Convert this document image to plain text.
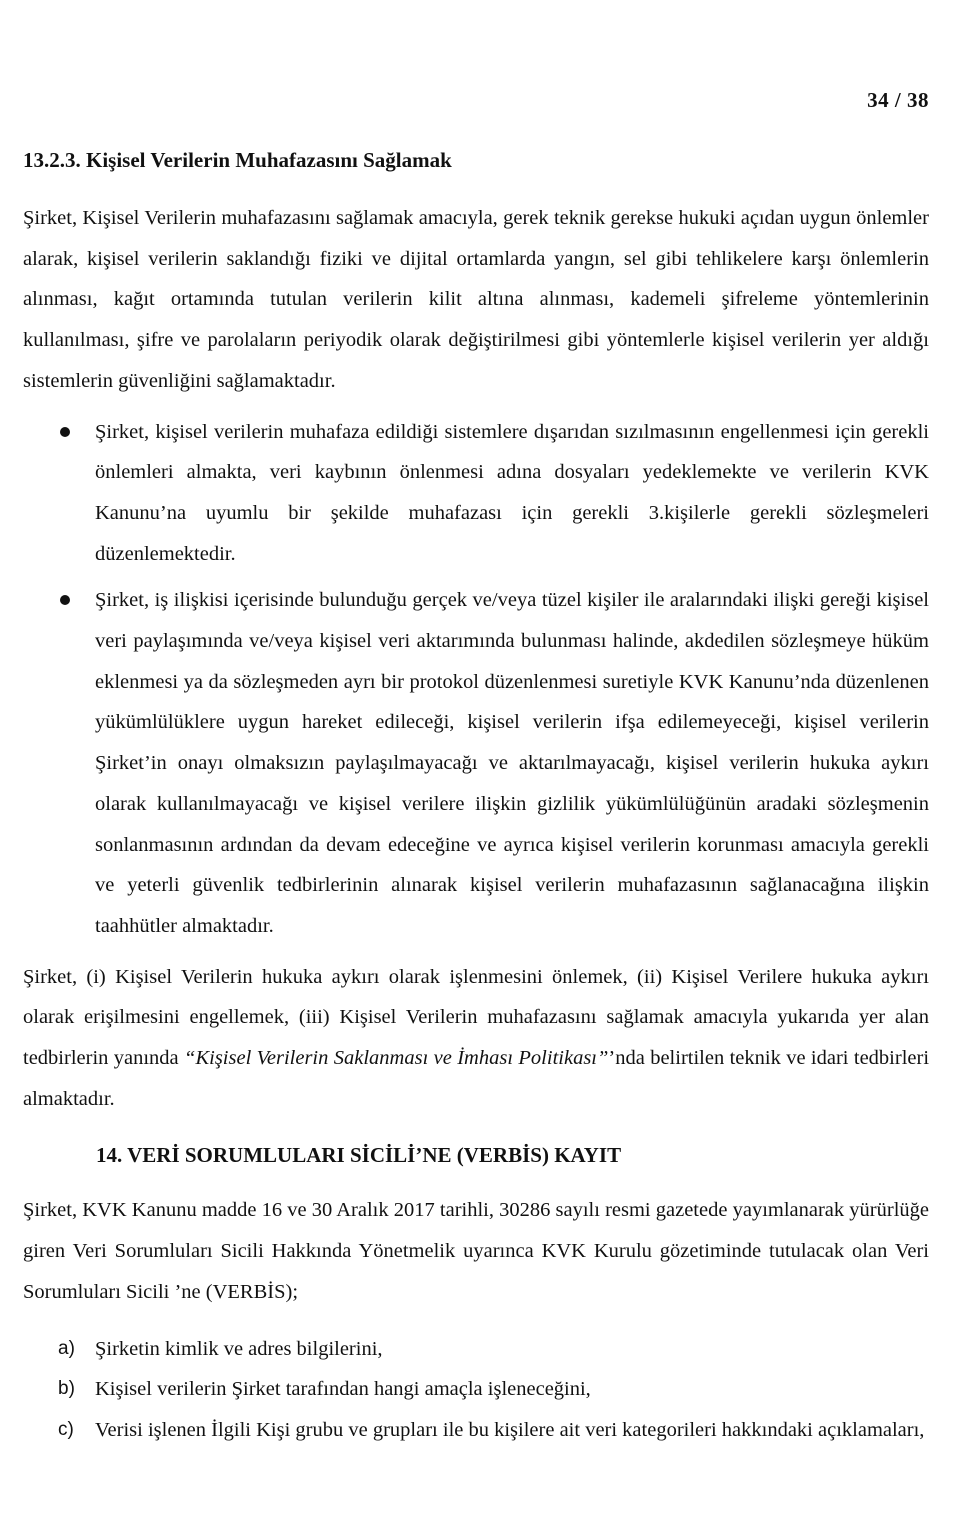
34 / 38
13.2.3. Kişisel Verilerin Muhafazasını Sağlamak

Şirket, Kişisel Verilerin muhafazasını sağlamak amacıyla, gerek teknik gerekse hukuki açıdan uygun önlemler alarak, kişisel verilerin saklandığı fiziki ve dijital ortamlarda yangın, sel gibi tehlikelere karşı önlemlerin alınması, kağıt ortamında tutulan verilerin kilit altına alınması, kademeli şifreleme yöntemlerinin kullanılması, şifre ve parolaların periyodik olarak değiştirilmesi gibi yöntemlerle kişisel verilerin yer aldığı sistemlerin güvenliğini sağlamaktadır.

Şirket, kişisel verilerin muhafaza edildiği sistemlere dışarıdan sızılmasının engellenmesi için gerekli önlemleri almakta, veri kaybının önlenmesi adına dosyaları yedeklemekte ve verilerin KVK Kanunu’na uyumlu bir şekilde muhafazası için gerekli 3.kişilerle gerekli sözleşmeleri düzenlemektedir.
Şirket, iş ilişkisi içerisinde bulunduğu gerçek ve/veya tüzel kişiler ile aralarındaki ilişki gereği kişisel veri paylaşımında ve/veya kişisel veri aktarımında bulunması halinde, akdedilen sözleşmeye hüküm eklenmesi ya da sözleşmeden ayrı bir protokol düzenlenmesi suretiyle KVK Kanunu’nda düzenlenen yükümlülüklere uygun hareket edileceği, kişisel verilerin ifşa edilemeyeceği, kişisel verilerin Şirket’in onayı olmaksızın paylaşılmayacağı ve aktarılmayacağı, kişisel verilerin hukuka aykırı olarak kullanılmayacağı ve kişisel verilere ilişkin gizlilik yükümlülüğünün aradaki sözleşmenin sonlanmasının ardından da devam edeceğine ve ayrıca kişisel verilerin korunması amacıyla gerekli ve yeterli güvenlik tedbirlerinin alınarak kişisel verilerin muhafazasının sağlanacağına ilişkin taahhütler almaktadır.

Şirket, (i) Kişisel Verilerin hukuka aykırı olarak işlenmesini önlemek, (ii) Kişisel Verilere hukuka aykırı olarak erişilmesini engellemek, (iii) Kişisel Verilerin muhafazasını sağlamak amacıyla yukarıda yer alan tedbirlerin yanında “Kişisel Verilerin Saklanması ve İmhası Politikası”’nda belirtilen teknik ve idari tedbirleri almaktadır.

14. VERİ SORUMLULARI SİCİLİ’NE (VERBİS) KAYIT

Şirket, KVK Kanunu madde 16 ve 30 Aralık 2017 tarihli, 30286 sayılı resmi gazetede yayımlanarak yürürlüğe giren Veri Sorumluları Sicili Hakkında Yönetmelik uyarınca KVK Kurulu gözetiminde tutulacak olan Veri Sorumluları Sicili ’ne (VERBİS);

a) Şirketin kimlik ve adres bilgilerini,
b) Kişisel verilerin Şirket tarafından hangi amaçla işleneceğini,
c) Verisi işlenen İlgili Kişi grubu ve grupları ile bu kişilere ait veri kategorileri hakkındaki açıklamaları,
